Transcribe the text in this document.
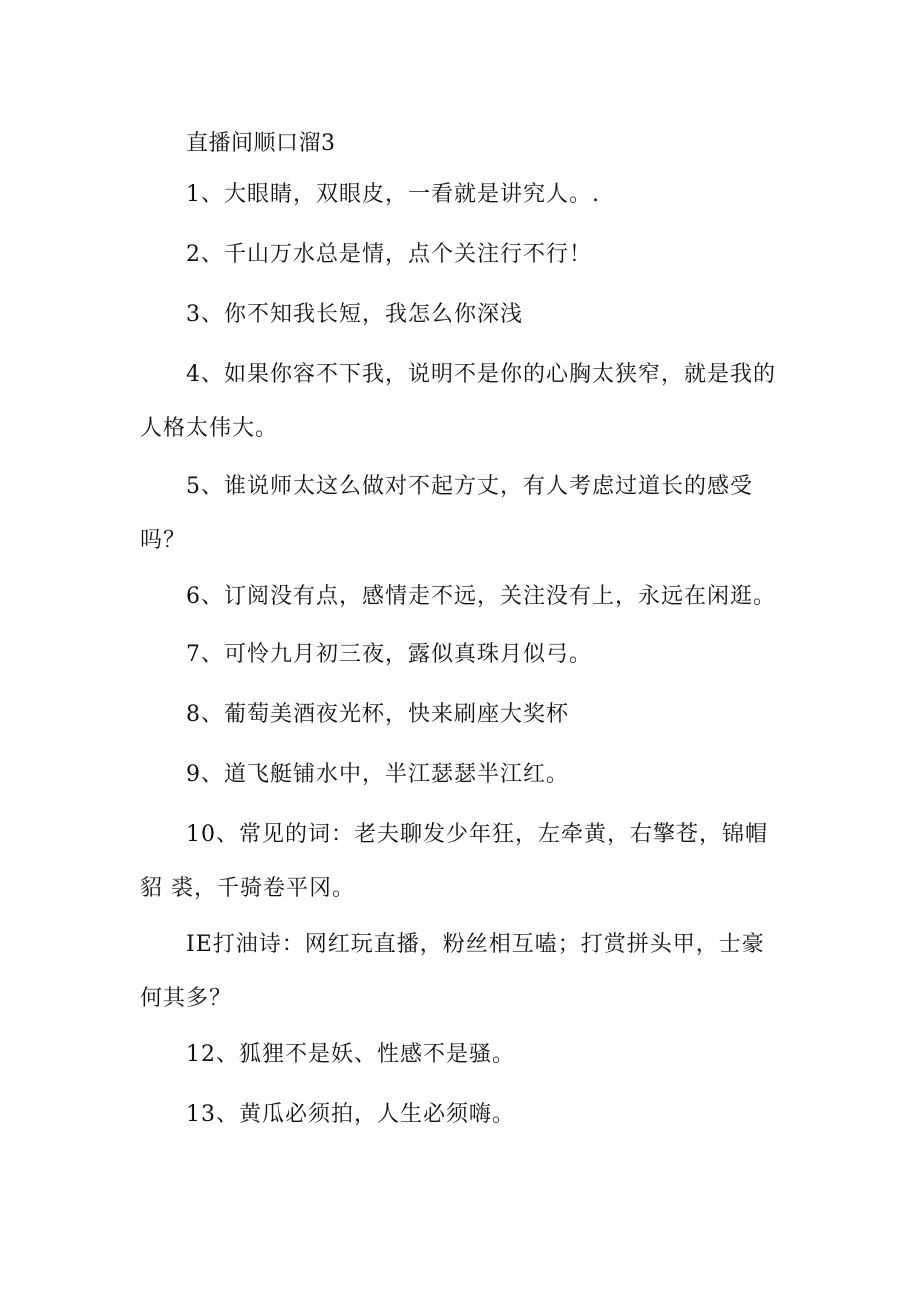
直播间顺口溜3

1、大眼睛，双眼皮，一看就是讲究人。.

2、千山万水总是情，点个关注行不行！

3、你不知我长短，我怎么你深浅

4、如果你容不下我，说明不是你的心胸太狭窄，就是我的人格太伟大。

5、谁说师太这么做对不起方丈，有人考虑过道长的感受吗？

6、订阅没有点，感情走不远，关注没有上，永远在闲逛。

7、可怜九月初三夜，露似真珠月似弓。

8、葡萄美酒夜光杯，快来刷座大奖杯

9、道飞艇铺水中，半江瑟瑟半江红。

10、常见的词：老夫聊发少年狂，左牵黄，右擎苍，锦帽貂 裘，千骑卷平冈。

IE打油诗：网红玩直播，粉丝相互嗑；打赏拼头甲，士豪何其多？

12、狐狸不是妖、性感不是骚。

13、黄瓜必须拍，人生必须嗨。
